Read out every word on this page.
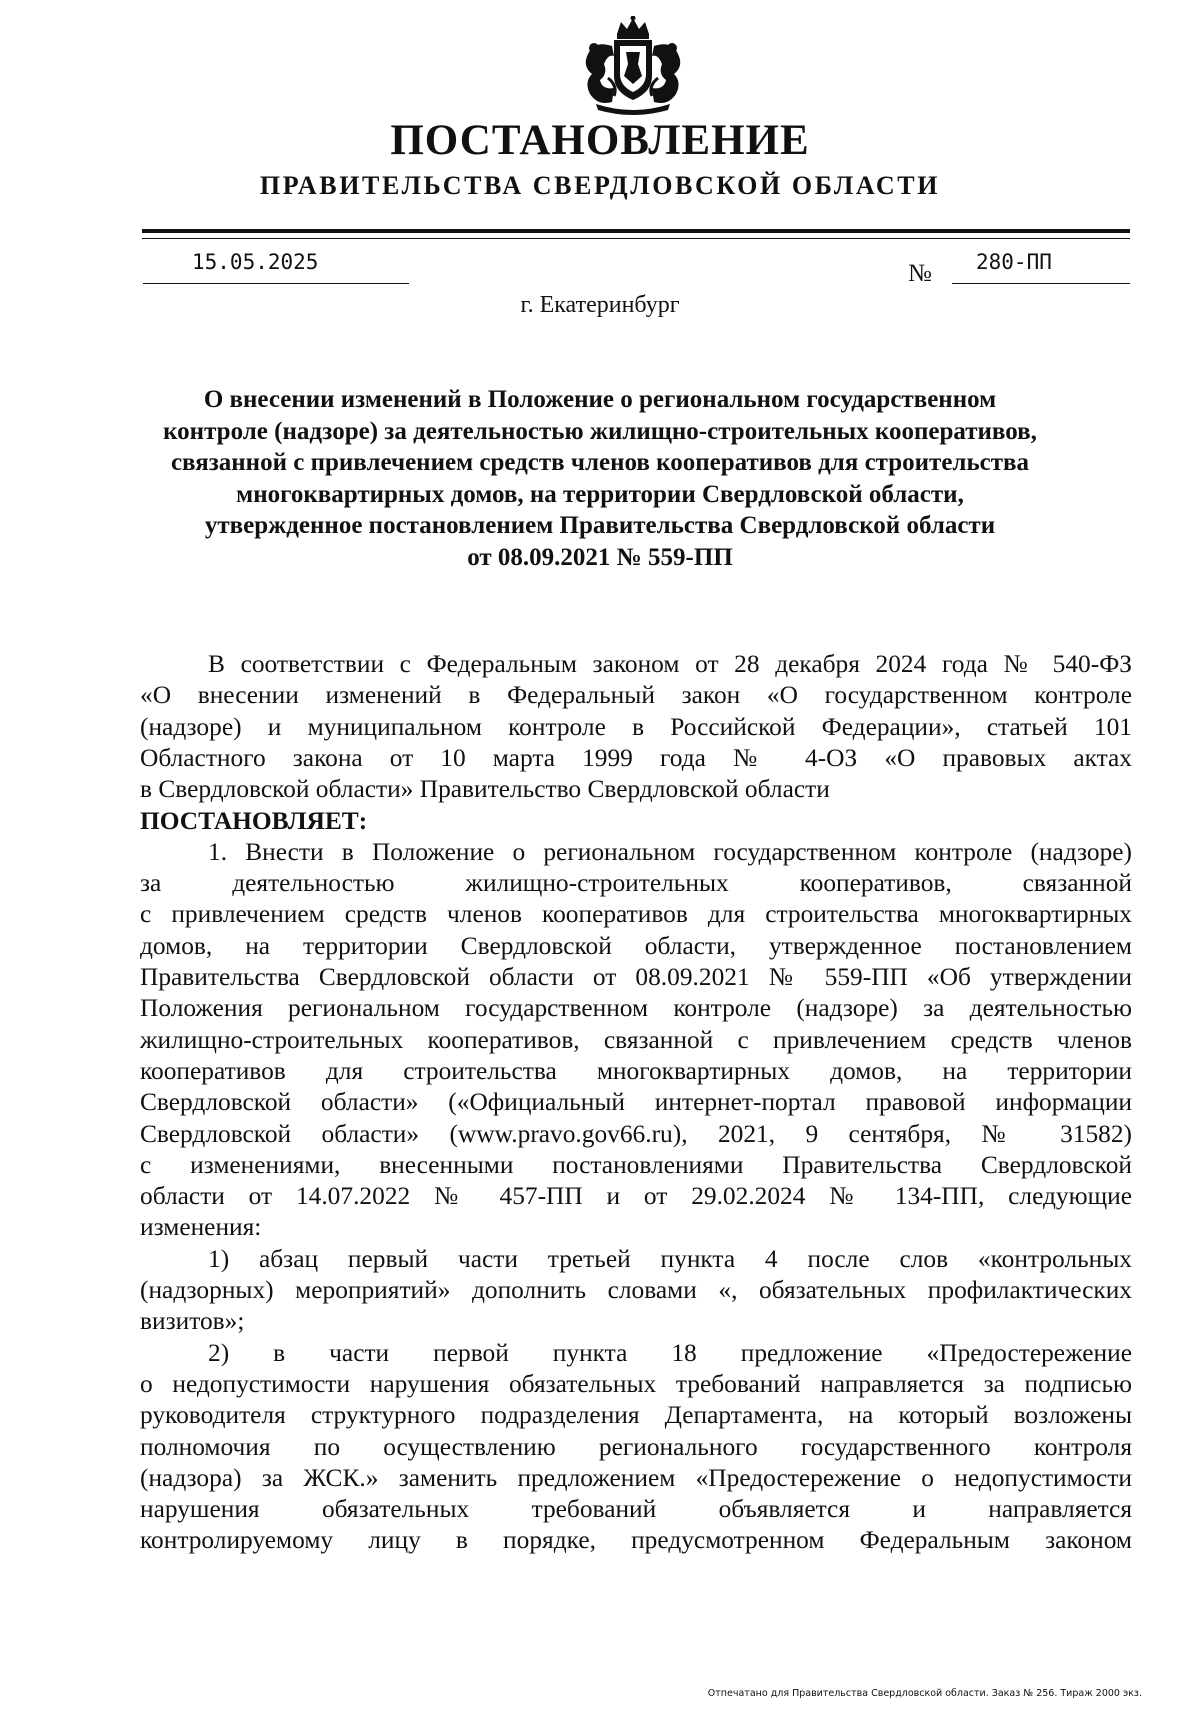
ПОСТАНОВЛЕНИЕ
ПРАВИТЕЛЬСТВА СВЕРДЛОВСКОЙ ОБЛАСТИ
15.05.2025	№ 280-ПП
г. Екатеринбург
О внесении изменений в Положение о региональном государственном
контроле (надзоре) за деятельностью жилищно-строительных кооперативов,
связанной с привлечением средств членов кооперативов для строительства
многоквартирных домов, на территории Свердловской области,
утвержденное постановлением Правительства Свердловской области
от 08.09.2021 № 559-ПП
В соответствии с Федеральным законом от 28 декабря 2024 года № 540-ФЗ
«О внесении изменений в Федеральный закон «О государственном контроле
(надзоре) и муниципальном контроле в Российской Федерации», статьей 101
Областного закона от 10 марта 1999 года № 4-ОЗ «О правовых актах
в Свердловской области» Правительство Свердловской области
ПОСТАНОВЛЯЕТ:
1. Внести в Положение о региональном государственном контроле (надзоре)
за деятельностью жилищно-строительных кооперативов, связанной
с привлечением средств членов кооперативов для строительства многоквартирных
домов, на территории Свердловской области, утвержденное постановлением
Правительства Свердловской области от 08.09.2021 № 559-ПП «Об утверждении
Положения региональном государственном контроле (надзоре) за деятельностью
жилищно-строительных кооперативов, связанной с привлечением средств членов
кооперативов для строительства многоквартирных домов, на территории
Свердловской области» («Официальный интернет-портал правовой информации
Свердловской области» (www.pravo.gov66.ru), 2021, 9 сентября, № 31582)
с изменениями, внесенными постановлениями Правительства Свердловской
области от 14.07.2022 № 457-ПП и от 29.02.2024 № 134-ПП, следующие
изменения:
1) абзац первый части третьей пункта 4 после слов «контрольных
(надзорных) мероприятий» дополнить словами «, обязательных профилактических
визитов»;
2) в части первой пункта 18 предложение «Предостережение
о недопустимости нарушения обязательных требований направляется за подписью
руководителя структурного подразделения Департамента, на который возложены
полномочия по осуществлению регионального государственного контроля
(надзора) за ЖСК.» заменить предложением «Предостережение о недопустимости
нарушения обязательных требований объявляется и направляется
контролируемому лицу в порядке, предусмотренном Федеральным законом
Отпечатано для Правительства Свердловской области. Заказ № 256. Тираж 2000 экз.
